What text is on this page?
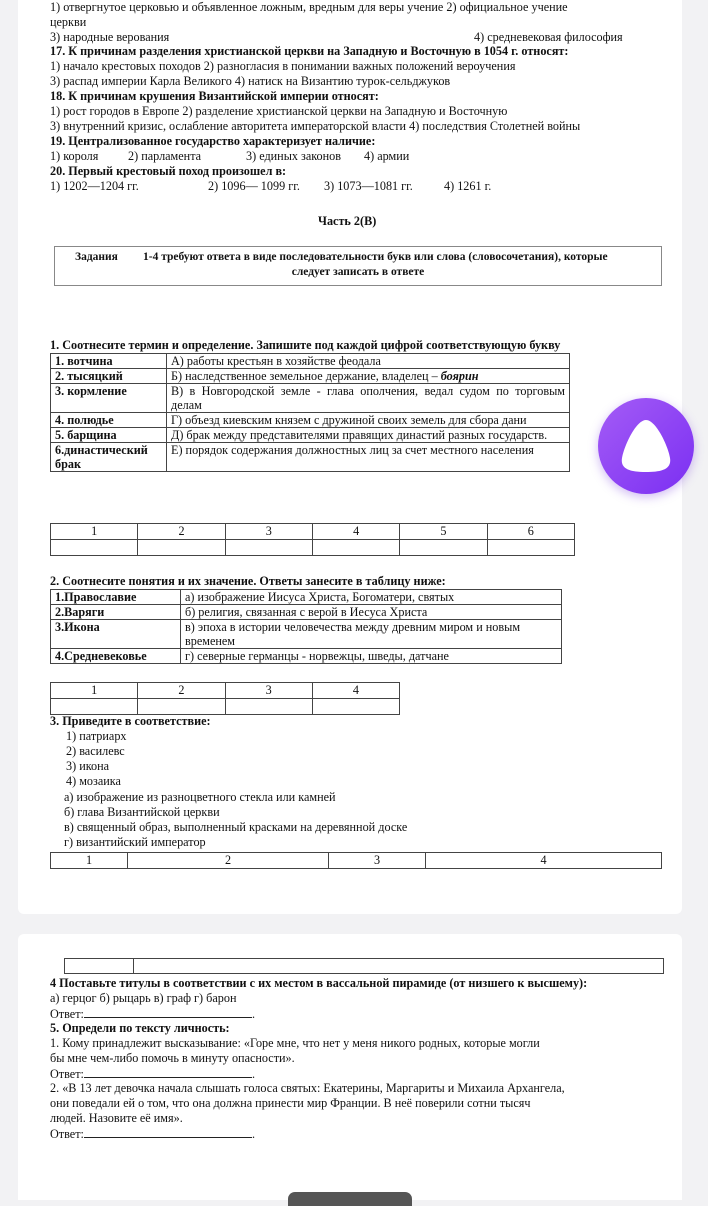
1) отвергнутое церковью и объявленное ложным, вредным для веры учение 2) официальное учение
церкви
3) народные верования	4) средневековая философия
17. К причинам разделения христианской церкви на Западную и Восточную в 1054 г. относят:
1) начало крестовых походов 2) разногласия в понимании важных положений вероучения
3) распад империи Карла Великого 4) натиск на Византию турок-сельджуков
18. К причинам крушения Византийской империи относят:
1) рост городов в Европе 2) разделение христианской церкви на Западную и Восточную
3) внутренний кризис, ослабление авторитета императорской власти 4) последствия Столетней войны
19. Централизованное государство характеризует наличие:
1) короля 2) парламента	3) единых законов 4) армии
20. Первый крестовый поход произошел в:
1) 1202—1204 гг.	2) 1096— 1099 гг. 3) 1073—1081 гг.	4) 1261 г.
Часть 2(В)
Задания 1-4 требуют ответа в виде последовательности букв или слова (словосочетания), которые
следует записать в ответе
1. Соотнесите термин и определение. Запишите под каждой цифрой соответствующую букву
1. вотчина	А) работы крестьян в хозяйстве феодала
2. тысяцкий	Б) наследственное земельное держание, владелец – боярин
3. кормление	В) в Новгородской земле - глава ополчения, ведал судом по торговым делам
4. полюдье	Г) объезд киевским князем с дружиной своих земель для сбора дани
5. барщина	Д) брак между представителями правящих династий разных государств.
6.династический брак	Е) порядок содержания должностных лиц за счет местного населения
1	2	3	4	5	6

2. Соотнесите понятия и их значение. Ответы занесите в таблицу ниже:
1.Православие	а) изображение Иисуса Христа, Богоматери, святых
2.Варяги	б) религия, связанная с верой в Иесуса Христа
3.Икона	в) эпоха в истории человечества между древним миром и новым временем
4.Средневековье	г) северные германцы - норвежцы, шведы, датчане
1	2	3	4

3. Приведите в соответствие:
1) патриарх
2) василевс
3) икона
4) мозаика
а) изображение из разноцветного стекла или камней
б) глава Византийской церкви
в) священный образ, выполненный красками на деревянной доске
г) византийский император
1	2	3	4
4 Поставьте титулы в соответствии с их местом в вассальной пирамиде (от низшего к высшему):
а) герцог б) рыцарь в) граф г) барон
Ответ:	.
5. Определи по тексту личность:
1. Кому принадлежит высказывание: «Горе мне, что нет у меня никого родных, которые могли
бы мне чем-либо помочь в минуту опасности».
Ответ:	.
2. «В 13 лет девочка начала слышать голоса святых: Екатерины, Маргариты и Михаила Архангела,
они поведали ей о том, что она должна принести мир Франции. В неё поверили сотни тысяч
людей. Назовите её имя».
Ответ:	.
